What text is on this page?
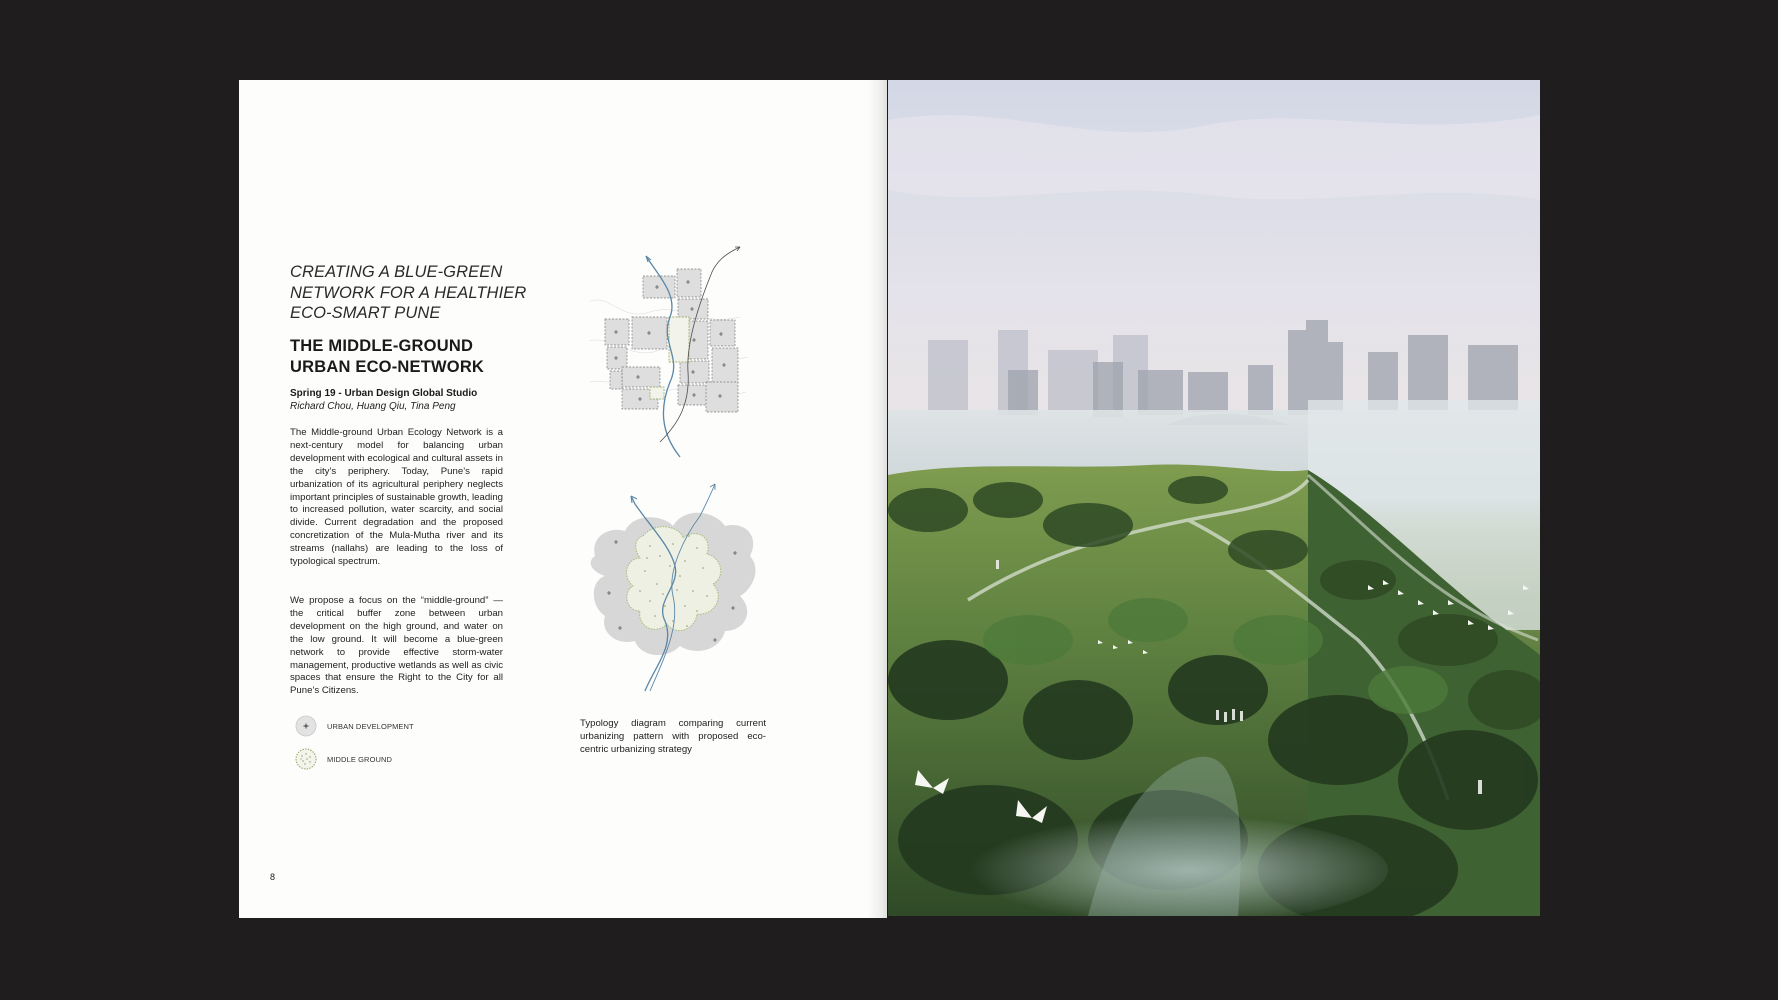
CREATING A BLUE-GREEN
NETWORK FOR A HEALTHIER
ECO-SMART PUNE
THE MIDDLE-GROUND
URBAN ECO-NETWORK
Spring 19 - Urban Design Global Studio
Richard Chou, Huang Qiu, Tina Peng

The Middle-ground Urban Ecology Network is a next-century model for balancing urban development with ecological and cultural assets in the city’s periphery. Today, Pune’s rapid urbanization of its agricultural periphery neglects important principles of sustainable growth, leading to increased pollution, water scarcity, and social divide. Current degradation and the proposed concretization of the Mula-Mutha river and its streams (nallahs) are leading to the loss of typological spectrum.

We propose a focus on the “middle-ground” — the critical buffer zone between urban development on the high ground, and water on the low ground. It will become a blue-green network to provide effective storm-water management, productive wetlands as well as civic spaces that ensure the Right to the City for all Pune’s Citizens.

URBAN DEVELOPMENT
MIDDLE GROUND

Typology diagram comparing current urbanizing pattern with proposed eco-centric urbanizing strategy

8
